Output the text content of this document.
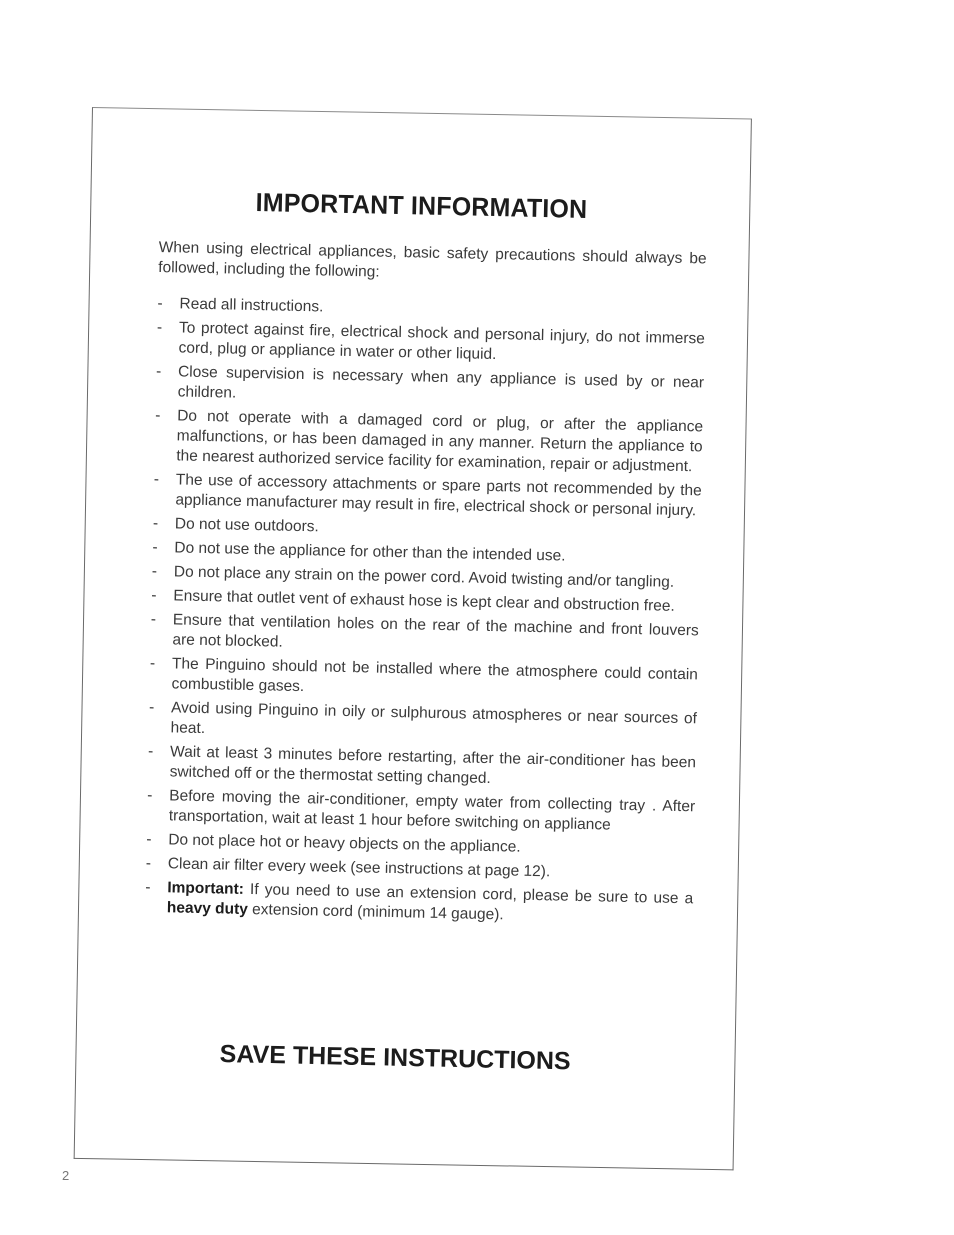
IMPORTANT INFORMATION

When using electrical appliances, basic safety precautions should always be followed, including the following:

- Read all instructions.
- To protect against fire, electrical shock and personal injury, do not immerse cord, plug or appliance in water or other liquid.
- Close supervision is necessary when any appliance is used by or near children.
- Do not operate with a damaged cord or plug, or after the appliance malfunctions, or has been damaged in any manner. Return the appliance to the nearest authorized service facility for examination, repair or adjustment.
- The use of accessory attachments or spare parts not recommended by the appliance manufacturer may result in fire, electrical shock or personal injury.
- Do not use outdoors.
- Do not use the appliance for other than the intended use.
- Do not place any strain on the power cord. Avoid twisting and/or tangling.
- Ensure that outlet vent of exhaust hose is kept clear and obstruction free.
- Ensure that ventilation holes on the rear of the machine and front louvers are not blocked.
- The Pinguino should not be installed where the atmosphere could contain combustible gases.
- Avoid using Pinguino in oily or sulphurous atmospheres or near sources of heat.
- Wait at least 3 minutes before restarting, after the air-conditioner has been switched off or the thermostat setting changed.
- Before moving the air-conditioner, empty water from collecting tray . After transportation, wait at least 1 hour before switching on appliance
- Do not place hot or heavy objects on the appliance.
- Clean air filter every week (see instructions at page 12).
- Important: If you need to use an extension cord, please be sure to use a heavy duty extension cord (minimum 14 gauge).
SAVE THESE INSTRUCTIONS
2
